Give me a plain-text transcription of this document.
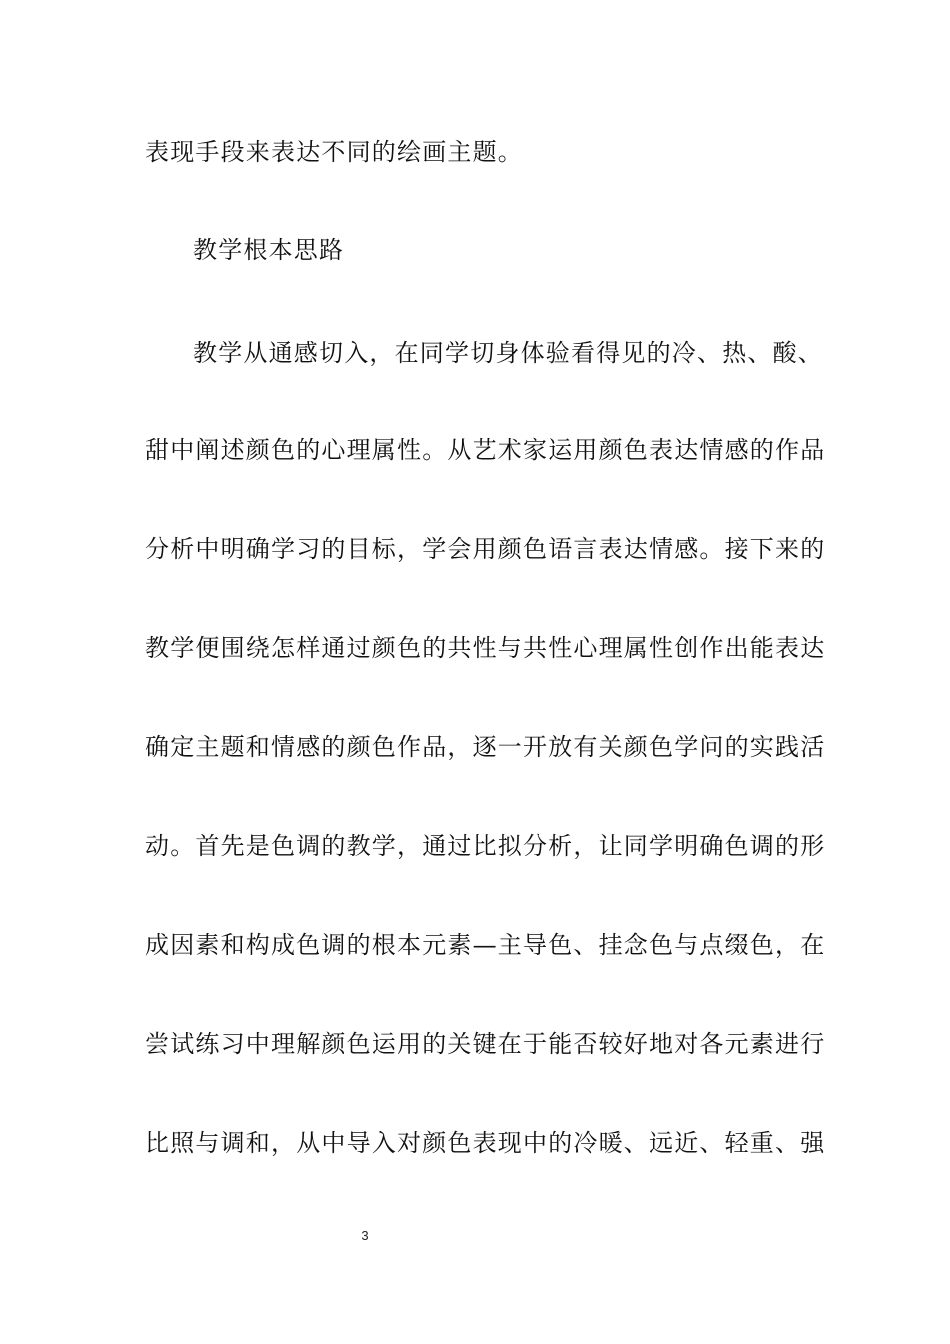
表现手段来表达不同的绘画主题。
教学根本思路
教学从通感切入，在同学切身体验看得见的冷、热、酸、
甜中阐述颜色的心理属性。从艺术家运用颜色表达情感的作品
分析中明确学习的目标，学会用颜色语言表达情感。接下来的
教学便围绕怎样通过颜色的共性与共性心理属性创作出能表达
确定主题和情感的颜色作品，逐一开放有关颜色学问的实践活
动。首先是色调的教学，通过比拟分析，让同学明确色调的形
成因素和构成色调的根本元素—主导色、挂念色与点缀色，在
尝试练习中理解颜色运用的关键在于能否较好地对各元素进行
比照与调和，从中导入对颜色表现中的冷暖、远近、轻重、强
3
